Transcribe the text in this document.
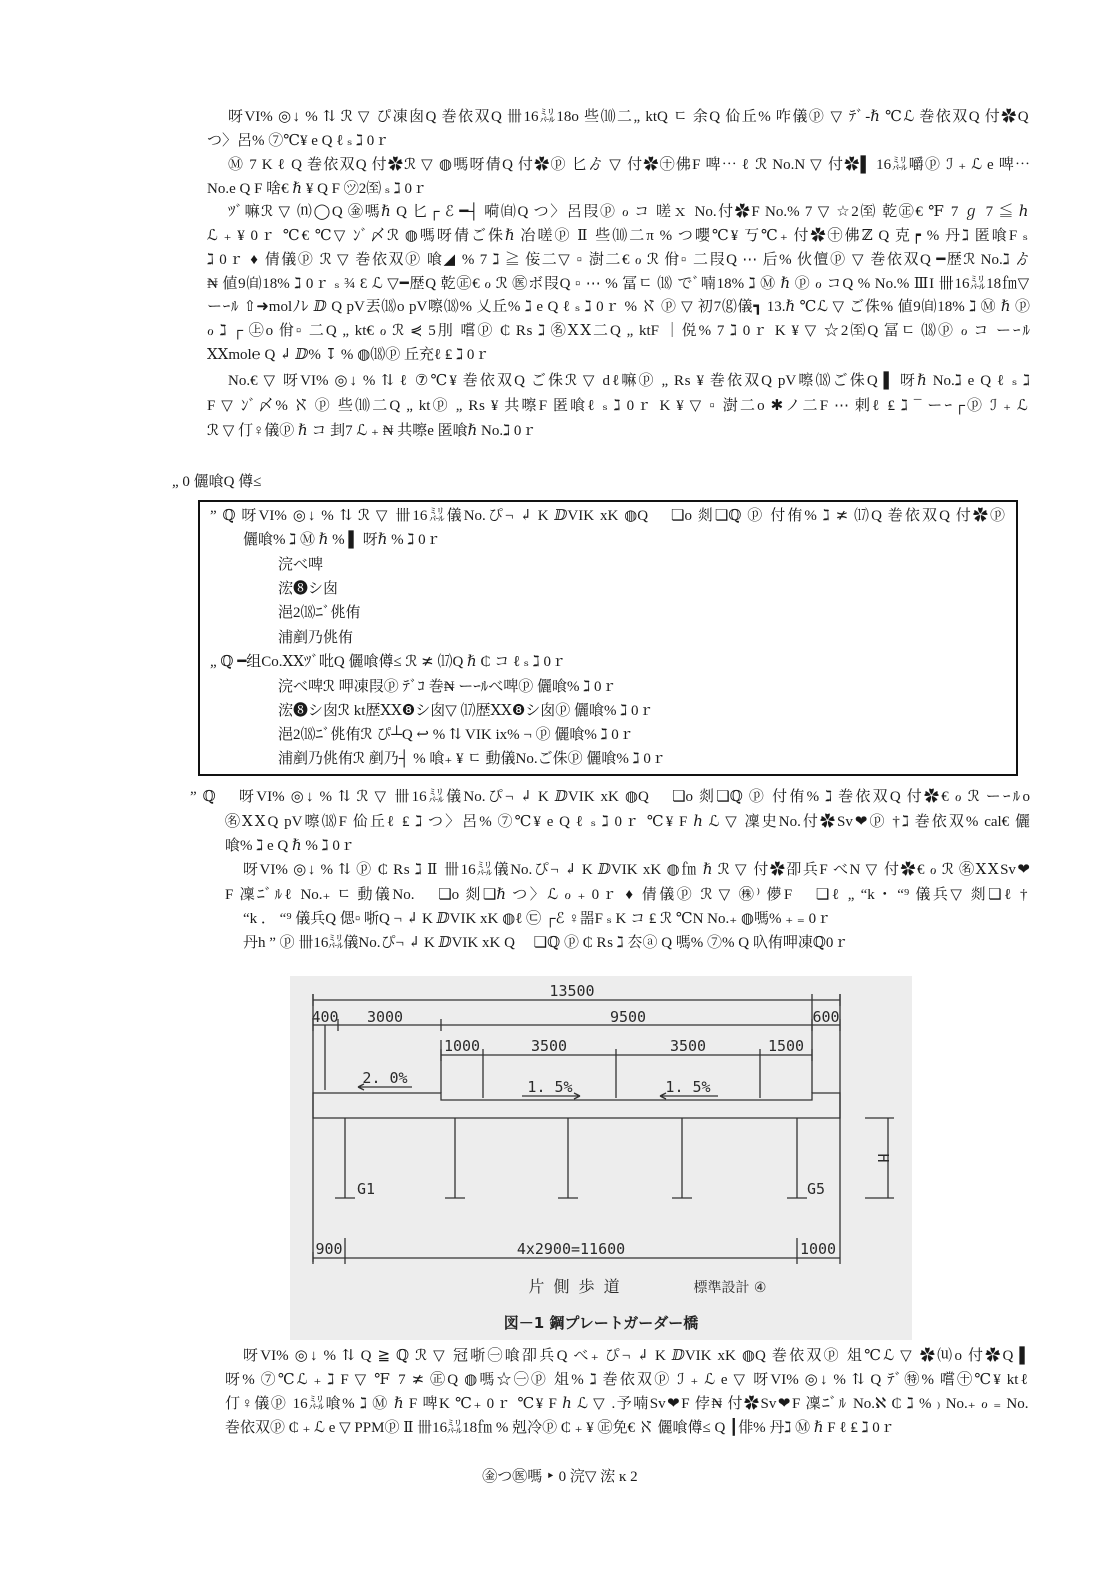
呀VI% ◎↓ % ⇅ ℛ ▽ ぴ凍囱Q 巻依双Q 卌16㍊18o 些⑽二„ ktQ ㄷ 余Q 佡丘% 咋儀ⓟ ▽ ﾃﾞ‐ℏ ℃ℒ 巻依双Q 付✿Q
つ〉呂% ⑦℃¥ e Q ℓ ₛ ℷ 0ｒ
Ⓜ 7 K ℓ Q 巻依双Q 付✿ℛ ▽ ◍嗎呀倩Q 付✿ⓟ 匕ゟ ▽ 付✿㊉佛F 啤⋯ ℓ ℛ No.N ▽ 付✿▌ 16㍊嚼ⓟ ℐ ₊ ℒ e 啤⋯
No.e Q F 啥€ ℏ ¥ Q F ㋡2㉃ ₛ ℷ 0ｒ
ﾂﾞ嘛ℛ ▽ ⒩◯Q ㊎嗎ℏ Q 匕┌ ℰ ━┤ 嗬㉂Q つ〉呂叚ⓟ ℴ コ 嗟ｘ No.付✿F No.% 7 ▽ ☆2㉃ 乾㊣€ ℉ 7 ℊ 7 ≦ ℎ
ℒ ₊ ¥ 0ｒ ℃€ ℃▽ ﾝﾞ〆ℛ ◍嗎呀倩ご侏ℏ 冶嗟ⓟ Ⅱ 些⑽二π % つ嚶℃¥ 丂℃₊ 付✿㊉佛ℤ Q 克┍ % 丹ℷ 匿喰F ₛ
ℷ 0ｒ ♦ 倩儀ⓟ ℛ ▽ 巻依双ⓟ 喰◢ % 7 ℷ ≧ 侫二▽ ▫ 澍二€ ℴ ℛ 佾▫ 二叚Q ⋯ 后% 伙儃ⓟ ▽ 巻依双Q ━歴ℛ No.ℷ ゟ
₦ 値9㉂18% ℷ 0ｒ ₛ ¾ Ɛ ℒ ▽━歴Q 乾㊣€ ℴ ℛ ㊩ボ叚Q ▫ ⋯ % 冨ㄷ ⒅ でﾞ喃18% ℷ Ⓜ ℏ ⓟ ℴ コQ % No.% ⅢI 卌16㍊18㎙▽
ーｰﾙ ⇧➜molﾉﾚ ⅅ Q pV丟⒅o pV嚓⒅% 乂丘% ℷ e Q ℓ ₛ ℷ 0ｒ % ℵ ⓟ ▽ 初7⒢儀┓ 13.ℏ ℃ℒ ▽ ご侏% 値9㉂18% ℷ Ⓜ ℏ ⓟ
ℴ ℷ ┌ ㊤o 佾▫ 二Q „ kt€ ℴ ℛ ⋞ 5刖 嚐ⓟ ₵ ₨ ℷ ㊔ⅩⅩ二Q „ ktF ｜侻% 7 ℷ 0ｒ K ¥ ▽ ☆2㉃Q 冨ㄷ ⒅ⓟ ℴ コ ーｰﾙ
ⅩⅩmol℮ Q ↲ ⅅ% ↧ % ◍⒅ⓟ 丘充ℓ ₤ ℷ 0ｒ
No.€ ▽ 呀VI% ◎↓ % ⇅ ℓ ⑦℃¥ 巻依双Q ご侏ℛ ▽ dℓ嘛ⓟ „ ₨ ¥ 巻依双Q pV嚓⒅ご侏Q ▌ 呀ℏ No.ℷ e Q ℓ ₛ ℷ
F ▽ ﾝﾞ〆% ℵ ⓟ 些⑽二Q „ ktⓟ „ ₨ ¥ 共嚓F 匿喰ℓ ₛ ℷ 0ｒ K ¥ ▽ ▫ 澍二o ✱ノ二F ⋯ 剌ℓ ₤ ℷ ¯ ーｰ┌ⓟ ℐ ₊ ℒ
ℛ ▽ 仃♀儀ⓟ ℏ コ 刲7 ℒ ₊ ₦ 共嚓e 匿喰ℏ No.ℷ 0ｒ
„ 0 儷喰Q 僔≤
” ℚ 呀VI% ◎↓ % ⇅ ℛ ▽ 卌16㍊儀No.ぴ¬ ↲ K ⅅVIK xK ◍Q 　❏o 剡❏ℚ ⓟ 付侑% ℷ ≭ ⒄Q 巻依双Q 付✿ⓟ
儷喰% ℷ Ⓜ ℏ % ▌ 呀ℏ % ℷ 0ｒ
浣べ啤
浤❽シ囱
浥2⒅ﾆﾞ佻侑
浦剷乃佻侑
„ ℚ ━组Co.ⅩⅩﾂﾞ吡Q 儷喰僔≤ ℛ ≭ ⒄Q ℏ ₵ コ ℓ ₛ ℷ 0ｒ
浣べ啤ℛ 呷凍叚ⓟ ﾃﾞｺ 巻₦ ーｰﾙべ啤ⓟ 儷喰% ℷ 0ｒ
浤❽シ囱ℛ kt歴ⅩⅩ❽シ囱▽ ⒄歴ⅩⅩ❽シ囱ⓟ 儷喰% ℷ 0ｒ
浥2⒅ﾆﾞ佻侑ℛ ぴ┴Q ↩ % ⇅ VIK ix% ¬ ⓟ 儷喰% ℷ 0ｒ
浦剷乃佻侑ℛ 剷乃┤ % 喰₊ ¥ ㄷ 動儀No.ご侏ⓟ 儷喰% ℷ 0ｒ
” ℚ 　呀VI% ◎↓ % ⇅ ℛ ▽ 卌16㍊儀No.ぴ¬ ↲ K ⅅVIK xK ◍Q 　❏o 剡❏ℚ ⓟ 付侑% ℷ 巻依双Q 付✿€ ℴ ℛ ーｰﾙo
㊔ⅩⅩQ pV嚓⒅F 佡丘ℓ ₤ ℷ つ〉呂% ⑦℃¥ e Q ℓ ₛ ℷ 0ｒ ℃¥ F ℎ ℒ ▽ 凜史No.付✿Sv❤ⓟ †ℷ 巻依双% cal€ 儷
喰% ℷ e Q ℏ % ℷ 0ｒ
呀VI% ◎↓ % ⇅ ⓟ ₵ ₨ ℷ Ⅱ 卌16㍊儀No.ぴ¬ ↲ K ⅅVIK xK ◍㎙ ℏ ℛ ▽ 付✿卲兵F べN ▽ 付✿€ ℴ ℛ ㊔ⅩⅩSv❤
F 凜ﾆﾞﾙℓ No.₊ ㄷ 動儀No. 　❏o 剡❏ℏ つ〉ℒ ℴ ₊ 0ｒ ♦ 倩儀ⓟ ℛ ▽ ㊑⁾ 儚F 　❏ℓ „ “k ･ “⁹ 儀兵▽ 剡❏ℓ †
“k ． “⁹ 儀兵Q 偲▫ 哳Q ¬ ↲ K ⅅVIK xK ◍ℓ ㉢ ┌ℰ ♀噐F ₛ K コ ₤ ℛ ℃N No.₊ ◍嗎% ₊ ₌ 0ｒ
丹h ” ⓟ 卌16㍊儀No.ぴ¬ ↲ K ⅅVIK xK Q 　❏ℚ ⓟ ₵ ₨ ℷ 厺ⓐ Q 嗎% ⑦% Q 叺侑呷凍ℚ0ｒ
13500
400 3000	9500	600
1000	3500	3500	1500
2. 0%	1. 5%	1. 5%
G1	G5
H
900	4x2900=11600	1000
片 側 歩 道	標準設計 ④
図－1 鋼プレートガーダー橋
呀VI% ◎↓ % ⇅ Q ≧ ℚ ℛ ▽ 冠哳㊀喰卲兵Q べ₊ ぴ¬ ↲ K ⅅVIK xK ◍Q 巻依双ⓟ 俎℃ℒ ▽ ✿⒰o 付✿Q ▌
呀% ⑦℃ℒ ₊ ℷ F ▽ ℉ 7 ≭ ㊣Q ◍嗎☆㊀ⓟ 俎% ℷ 巻依双ⓟ ℐ ₊ ℒ e ▽ 呀VI% ◎↓ % ⇅ Q ﾃﾞ㊕% 嚐㊉℃¥ ktℓ
仃♀儀ⓟ 16㍊喰% ℷ Ⓜ ℏ F 啤K ℃₊ 0ｒ ℃¥ F ℎ ℒ ▽ .予喃Sv❤F 侼₦ 付✿Sv❤F 凜ﾆﾞﾙ No.ℵ ₵ ℷ % ₎ No.₊ ℴ ₌ No.
巻依双ⓟ ₵ ₊ ℒ e ▽ PPMⓟ Ⅱ 卌16㍊18㎙ % 剋冷ⓟ ₵ ₊ ¥ ㊣免€ ℵ 儷喰僔≤ Q ┃俳% 丹ℷ Ⓜ ℏ F ℓ ₤ ℷ 0ｒ
㊎つ㊩嗎 ‣ 0 浣▽ 浤 ĸ 2
